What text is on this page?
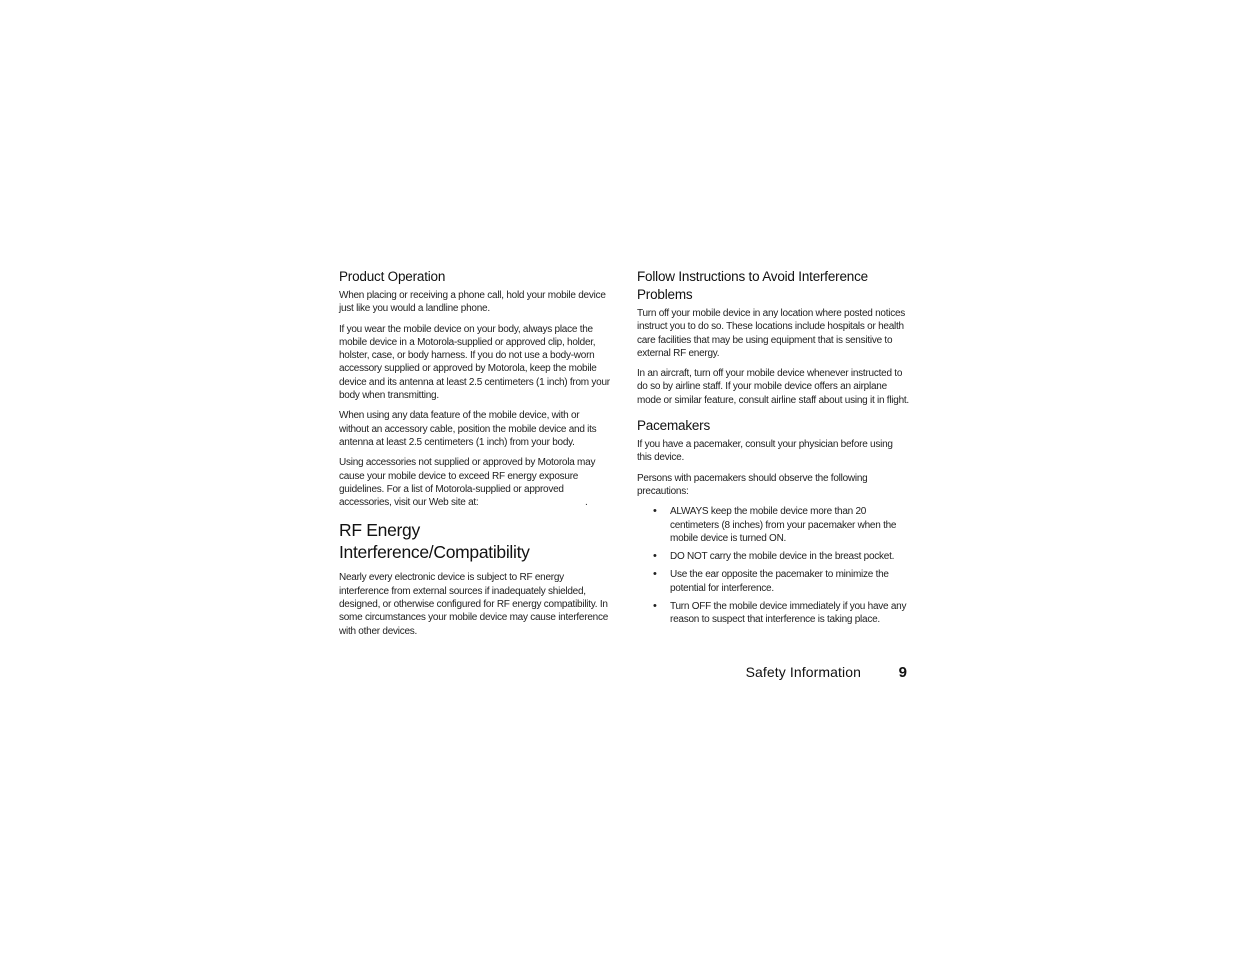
Product Operation

When placing or receiving a phone call, hold your mobile device just like you would a landline phone.

If you wear the mobile device on your body, always place the mobile device in a Motorola-supplied or approved clip, holder, holster, case, or body harness. If you do not use a body-worn accessory supplied or approved by Motorola, keep the mobile device and its antenna at least 2.5 centimeters (1 inch) from your body when transmitting.

When using any data feature of the mobile device, with or without an accessory cable, position the mobile device and its antenna at least 2.5 centimeters (1 inch) from your body.

Using accessories not supplied or approved by Motorola may cause your mobile device to exceed RF energy exposure guidelines. For a list of Motorola-supplied or approved accessories, visit our Web site at:	.

RF Energy Interference/Compatibility

Nearly every electronic device is subject to RF energy interference from external sources if inadequately shielded, designed, or otherwise configured for RF energy compatibility. In some circumstances your mobile device may cause interference with other devices.

Follow Instructions to Avoid Interference Problems

Turn off your mobile device in any location where posted notices instruct you to do so. These locations include hospitals or health care facilities that may be using equipment that is sensitive to external RF energy.

In an aircraft, turn off your mobile device whenever instructed to do so by airline staff. If your mobile device offers an airplane mode or similar feature, consult airline staff about using it in flight.

Pacemakers

If you have a pacemaker, consult your physician before using this device.

Persons with pacemakers should observe the following precautions:

• ALWAYS keep the mobile device more than 20 centimeters (8 inches) from your pacemaker when the mobile device is turned ON.
• DO NOT carry the mobile device in the breast pocket.
• Use the ear opposite the pacemaker to minimize the potential for interference.
• Turn OFF the mobile device immediately if you have any reason to suspect that interference is taking place.
Safety Information	9
